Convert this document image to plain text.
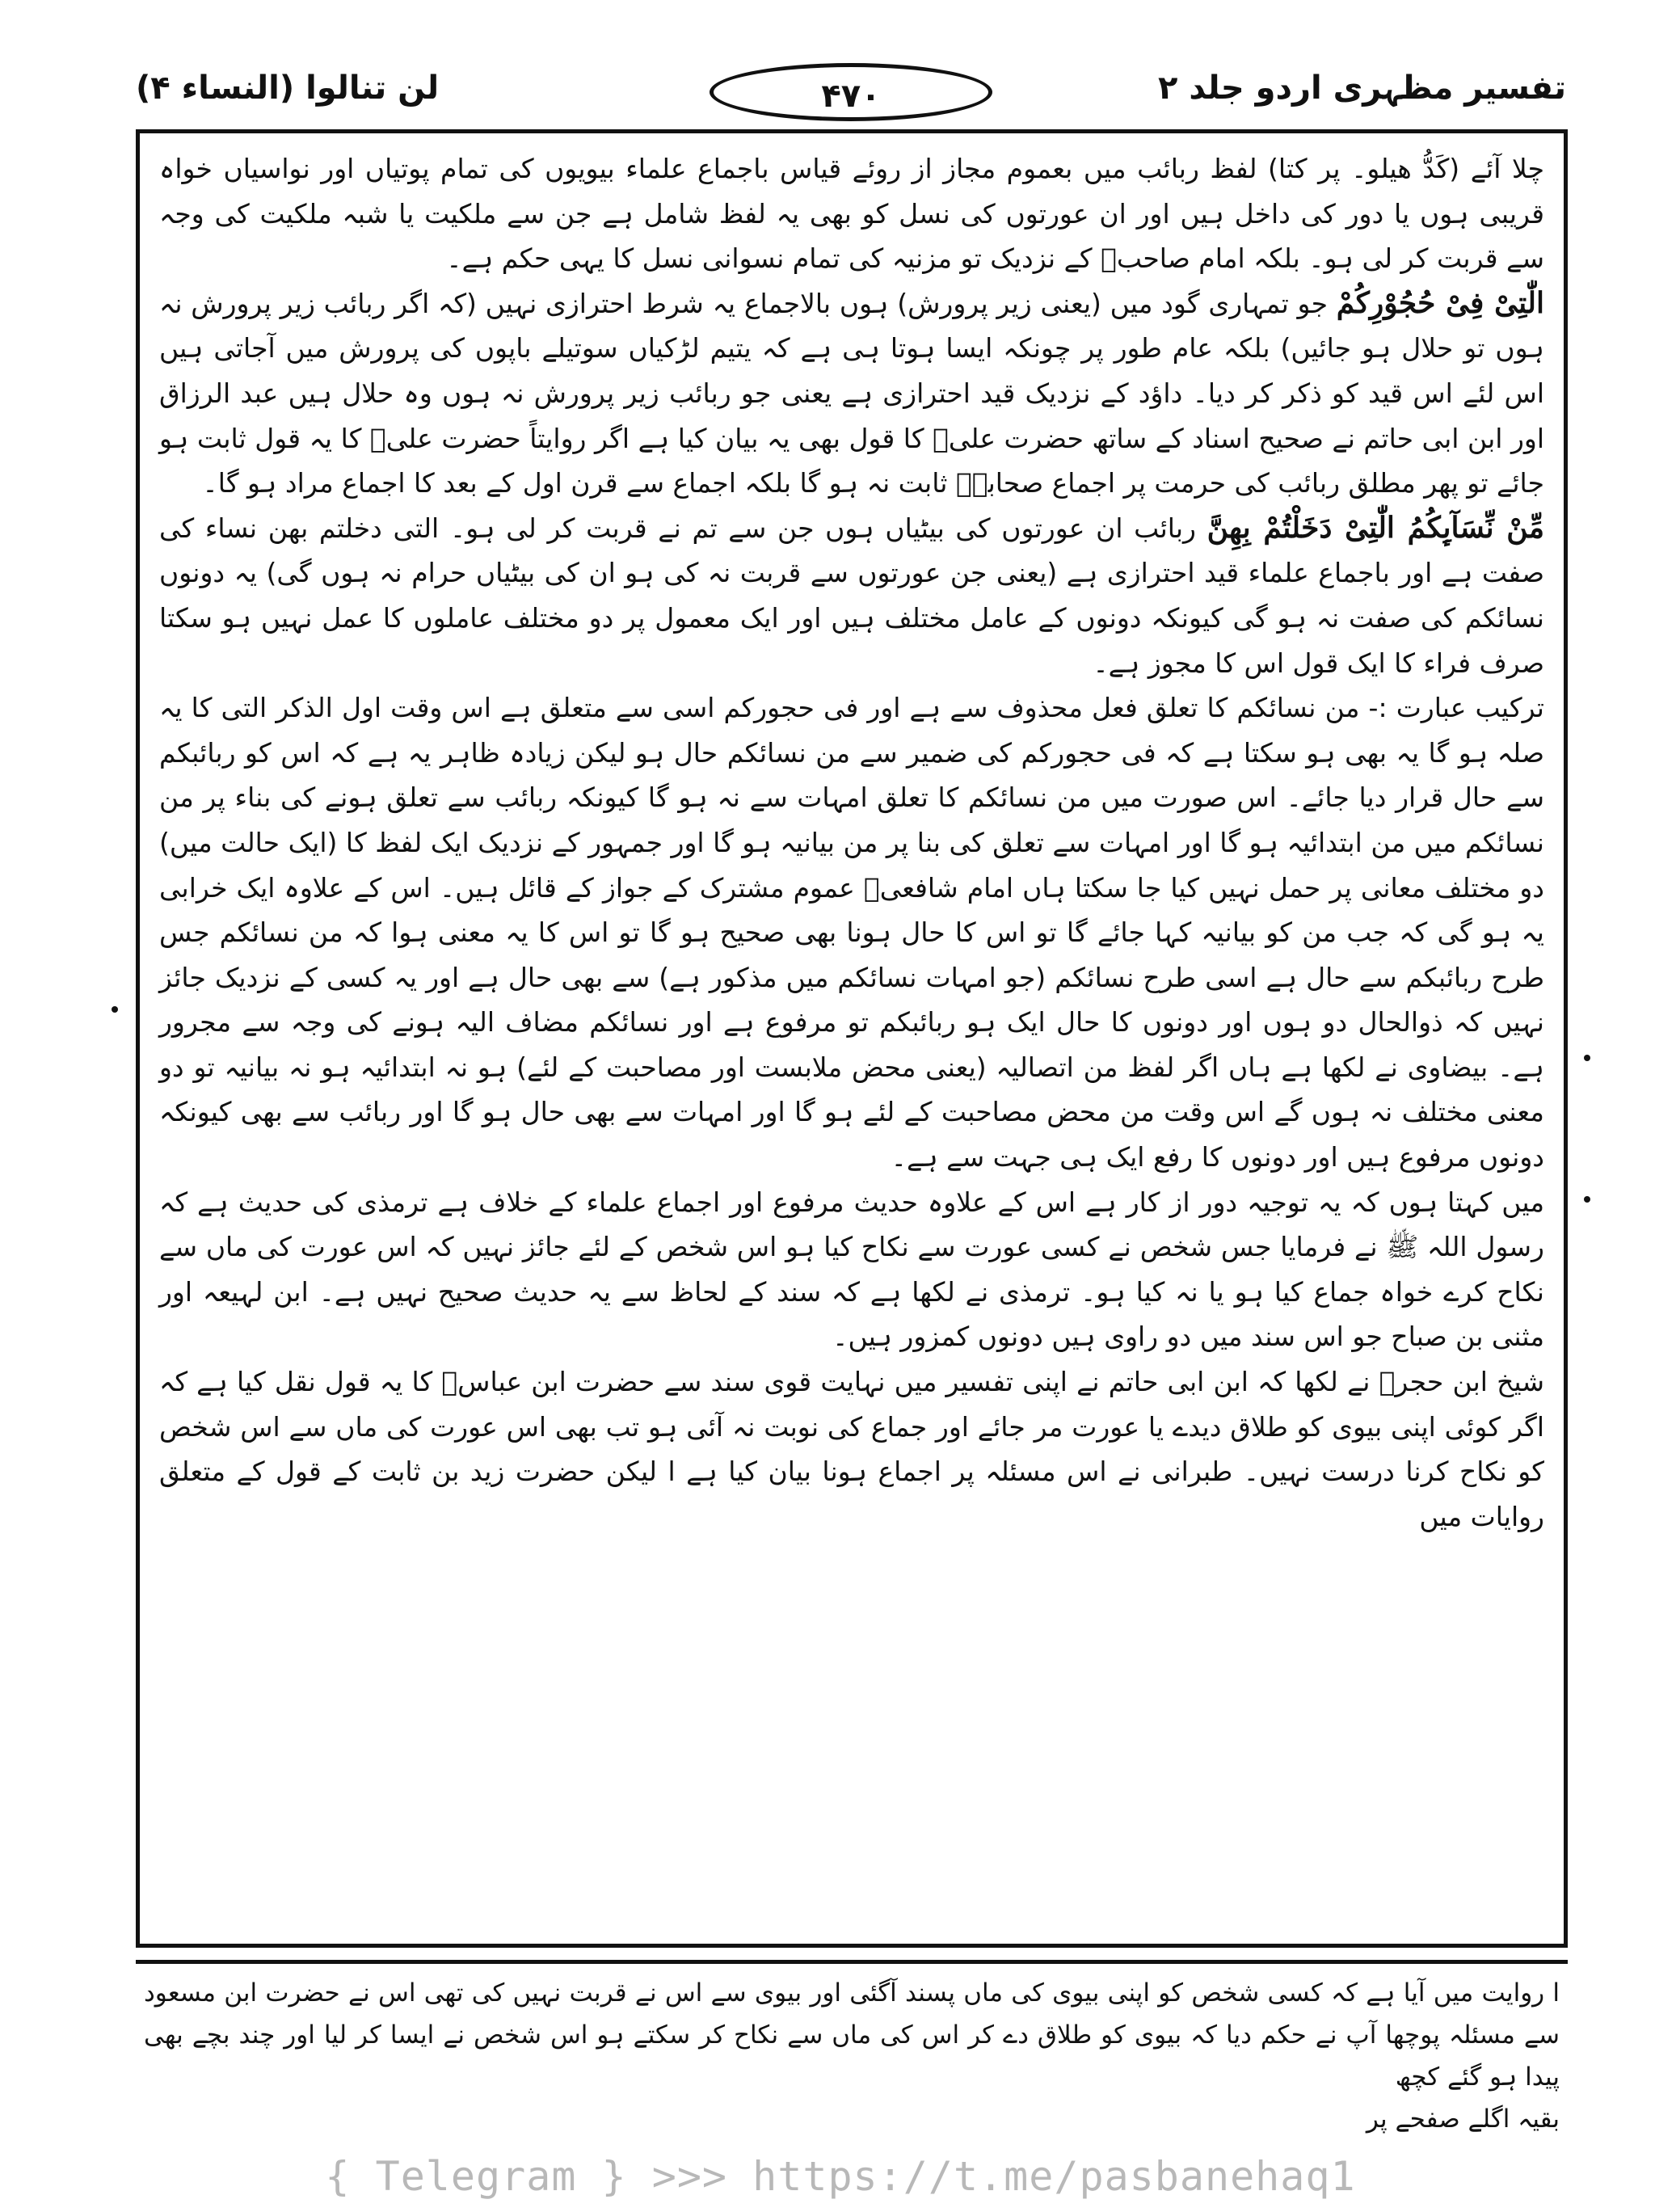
تفسیر مظہری اردو جلد ۲
۴۷۰
لن تنالوا (النساء ۴)

چلا آئے (کَدُّ هیلو۔ پر کتا) لفظ ربائب میں بعموم مجاز از روئے قیاس باجماع علماء بیویوں کی تمام پوتیاں اور نواسیاں خواہ قریبی ہوں یا دور کی داخل ہیں اور ان عورتوں کی نسل کو بھی یہ لفظ شامل ہے جن سے ملکیت یا شبہ ملکیت کی وجہ سے قربت کر لی ہو۔ بلکہ امام صاحبؒ کے نزدیک تو مزنیہ کی تمام نسوانی نسل کا یہی حکم ہے۔

الّٰتِیْ فِیْ حُجُوْرِكُمْ جو تمہاری گود میں (یعنی زیر پرورش) ہوں بالاجماع یہ شرط احترازی نہیں (کہ اگر ربائب زیر پرورش نہ ہوں تو حلال ہو جائیں) بلکہ عام طور پر چونکہ ایسا ہوتا ہی ہے کہ یتیم لڑکیاں سوتیلے باپوں کی پرورش میں آجاتی ہیں اس لئے اس قید کو ذکر کر دیا۔ داؤد کے نزدیک قید احترازی ہے یعنی جو ربائب زیر پرورش نہ ہوں وہ حلال ہیں عبد الرزاق اور ابن ابی حاتم نے صحیح اسناد کے ساتھ حضرت علیؓ کا قول بھی یہ بیان کیا ہے اگر روایتاً حضرت علیؓ کا یہ قول ثابت ہو جائے تو پھر مطلق ربائب کی حرمت پر اجماع صحابہؓ ثابت نہ ہو گا بلکہ اجماع سے قرن اول کے بعد کا اجماع مراد ہو گا۔

مِّنْ نِّسَآىِٕكُمُ الّٰتِیْ دَخَلْتُمْ بِهِنَّ ربائب ان عورتوں کی بیٹیاں ہوں جن سے تم نے قربت کر لی ہو۔ التی دخلتم بهن نساء کی صفت ہے اور باجماع علماء قید احترازی ہے (یعنی جن عورتوں سے قربت نہ کی ہو ان کی بیٹیاں حرام نہ ہوں گی) یہ دونوں نسائکم کی صفت نہ ہو گی کیونکہ دونوں کے عامل مختلف ہیں اور ایک معمول پر دو مختلف عاملوں کا عمل نہیں ہو سکتا صرف فراء کا ایک قول اس کا مجوز ہے۔

ترکیب عبارت :- من نسائکم کا تعلق فعل محذوف سے ہے اور فی حجورکم اسی سے متعلق ہے اس وقت اول الذکر التی کا یہ صلہ ہو گا یہ بھی ہو سکتا ہے کہ فی حجورکم کی ضمیر سے من نسائکم حال ہو لیکن زیادہ ظاہر یہ ہے کہ اس کو ربائبکم سے حال قرار دیا جائے۔ اس صورت میں من نسائکم کا تعلق امہات سے نہ ہو گا کیونکہ ربائب سے تعلق ہونے کی بناء پر من نسائکم میں من ابتدائیہ ہو گا اور امہات سے تعلق کی بنا پر من بیانیہ ہو گا اور جمہور کے نزدیک ایک لفظ کا (ایک حالت میں) دو مختلف معانی پر حمل نہیں کیا جا سکتا ہاں امام شافعیؒ عموم مشترک کے جواز کے قائل ہیں۔ اس کے علاوہ ایک خرابی یہ ہو گی کہ جب من کو بیانیہ کہا جائے گا تو اس کا حال ہونا بھی صحیح ہو گا تو اس کا یہ معنی ہوا کہ من نسائکم جس طرح ربائبکم سے حال ہے اسی طرح نسائکم (جو امہات نسائکم میں مذکور ہے) سے بھی حال ہے اور یہ کسی کے نزدیک جائز نہیں کہ ذوالحال دو ہوں اور دونوں کا حال ایک ہو ربائبکم تو مرفوع ہے اور نسائکم مضاف الیہ ہونے کی وجہ سے مجرور ہے۔ بیضاوی نے لکھا ہے ہاں اگر لفظ من اتصالیہ (یعنی محض ملابست اور مصاحبت کے لئے) ہو نہ ابتدائیہ ہو نہ بیانیہ تو دو معنی مختلف نہ ہوں گے اس وقت من محض مصاحبت کے لئے ہو گا اور امہات سے بھی حال ہو گا اور ربائب سے بھی کیونکہ دونوں مرفوع ہیں اور دونوں کا رفع ایک ہی جہت سے ہے۔

میں کہتا ہوں کہ یہ توجیہ دور از کار ہے اس کے علاوہ حدیث مرفوع اور اجماع علماء کے خلاف ہے ترمذی کی حدیث ہے کہ رسول اللہ ﷺ نے فرمایا جس شخص نے کسی عورت سے نکاح کیا ہو اس شخص کے لئے جائز نہیں کہ اس عورت کی ماں سے نکاح کرے خواہ جماع کیا ہو یا نہ کیا ہو۔ ترمذی نے لکھا ہے کہ سند کے لحاظ سے یہ حدیث صحیح نہیں ہے۔ ابن لہیعہ اور مثنی بن صباح جو اس سند میں دو راوی ہیں دونوں کمزور ہیں۔

شیخ ابن حجرؒ نے لکھا کہ ابن ابی حاتم نے اپنی تفسیر میں نہایت قوی سند سے حضرت ابن عباسؓ کا یہ قول نقل کیا ہے کہ اگر کوئی اپنی بیوی کو طلاق دیدے یا عورت مر جائے اور جماع کی نوبت نہ آئی ہو تب بھی اس عورت کی ماں سے اس شخص کو نکاح کرنا درست نہیں۔ طبرانی نے اس مسئلہ پر اجماع ہونا بیان کیا ہے ا لیکن حضرت زید بن ثابت کے قول کے متعلق روایات میں

ا روایت میں آیا ہے کہ کسی شخص کو اپنی بیوی کی ماں پسند آگئی اور بیوی سے اس نے قربت نہیں کی تھی اس نے حضرت ابن مسعود سے مسئلہ پوچھا آپ نے حکم دیا کہ بیوی کو طلاق دے کر اس کی ماں سے نکاح کر سکتے ہو اس شخص نے ایسا کر لیا اور چند بچے بھی پیدا ہو گئے کچھ

بقیہ اگلے صفحے پر

{ Telegram } >>> https://t.me/pasbanehaq1
